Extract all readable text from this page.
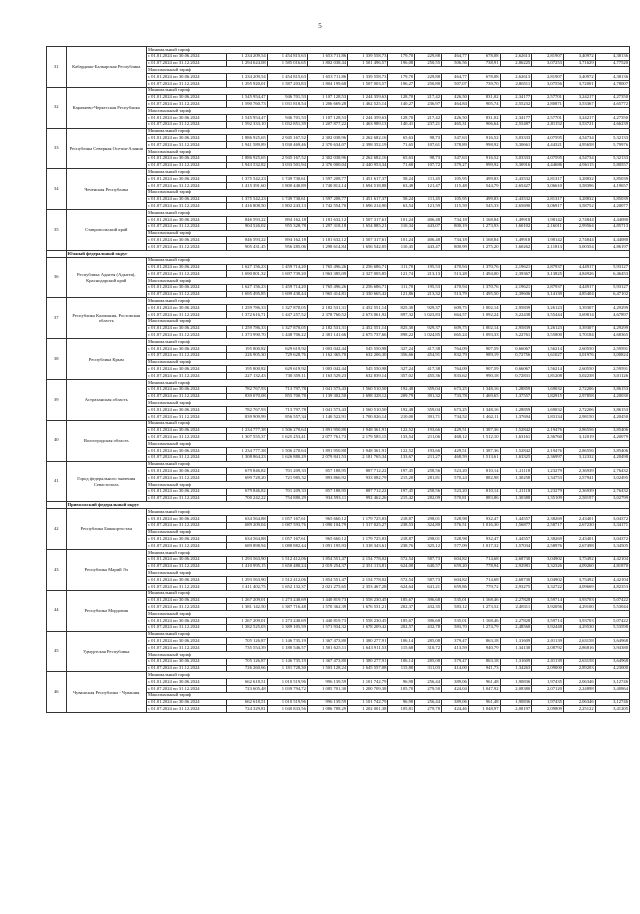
5
31	Кабардино-Балкарская Республика	Минимальный тариф												
		с 01.01.2024 по 30.06.2024	1 234 209,54	1 454 815,63	1 653 711,86	1 339 558,73	179,70	229,88	464,77	678,08	2,62613	2,81907	3,40972	4,38136
		с 01.07.2024 по 31.12.2024	1 294 624,08	1 585 016,65	1 802 038,44	1 501 496,57	196,08	250,55	506,56	738,91	2,86225	3,07253	3,71629	4,77520
		Максимальный тариф												
		с 01.01.2024 по 30.06.2024	1 234 209,54	1 454 815,63	1 653 711,86	1 339 558,73	179,70	229,88	464,77	678,08	2,62613	2,81907	3,40972	4,38136
		с 01.07.2024 по 31.12.2024	1 295 920,01	1 587 203,83	1 804 199,68	1 507 003,57	196,27	250,80	507,07	739,70	2,86511	3,07556	3,72001	4,78007
32	Карачаево-Черкесская Республика	Минимальный тариф												
		с 01.01.2024 по 30.06.2024	1 545 954,47	946 701,53	1 107 128,53	1 244 359,63	128,70	217,42	426,50	831,02	2,34177	2,57701	3,24217	4,27350
		с 01.07.2024 по 31.12.2024	1 590 760,73	1 031 818,54	1 206 669,28	1 462 525,14	140,27	236,97	464,84	905,74	2,55232	2,80871	3,53367	4,65772
		Максимальный тариф												
		с 01.01.2024 по 30.06.2024	1 545 954,47	946 701,53	1 107 128,53	1 244 359,63	128,70	217,42	426,50	831,02	2,34177	2,57701	3,24217	4,27350
		с 01.07.2024 по 31.12.2024	1 592 333,10	1 032 851,39	1 207 877,22	1 463 989,13	140,41	237,21	465,31	906,64	2,55487	2,81152	3,53721	4,66239
33	Республика Северная Осетия-Алания	Минимальный тариф												
		с 01.01.2024 по 30.06.2024	1 886 925,65	2 945 167,52	2 302 038,96	2 262 682,16	65,63	98,73	347,63	916,52	3,03333	4,07595	4,54734	5,32133
		с 01.07.2024 по 31.12.2024	1 941 589,89	3 030 469,46	2 370 634,07	2 398 352,19	71,65	107,61	378,89	998,92	3,30661	4,44321	4,95658	5,79976
		Максимальный тариф												
		с 01.01.2024 по 30.06.2024	1 886 925,65	2 945 167,52	2 302 038,96	2 262 682,16	65,63	98,73	347,63	916,52	3,03333	4,07595	4,54734	5,32133
		с 01.07.2024 по 31.12.2024	1 943 532,82	3 033 501,94	2 376 000,04	2 440 953,34	71,60	107,72	379,27	999,92	3,30916	4,44686	4,96115	5,80557
34	Чеченская Республика	Минимальный тариф												
		с 01.01.2024 по 30.06.2024	1 375 542,23	1 749 730,61	1 597 208,77	1 451 617,37	58,24	111,45	105,95	499,83	2,43532	2,81317	3,28832	3,85039
		с 01.07.2024 по 31.12.2024	1 415 391,60	1 800 440,89	1 740 812,14	1 694 518,88	63,48	121,47	115,48	544,79	2,65427	3,06610	3,58396	4,19657
		Максимальный тариф												
		с 01.01.2024 по 30.06.2024	1 375 542,23	1 749 730,61	1 597 208,77	1 451 617,37	58,24	111,45	105,95	499,83	2,43532	2,81317	3,28832	3,85039
		с 01.07.2024 по 31.12.2024	1 416 808,50	1 802 243,13	1 742 554,70	1 696 214,90	63,54	121,59	115,59	545,33	2,65690	3,06917	3,58752	4,20077
35	Ставропольский край	Минимальный тариф												
		с 01.01.2024 по 30.06.2024	846 593,22	894 162,18	1 181 632,12	1 507 317,61	101,24	406,48	734,18	1 168,84	1,49918	1,98142	2,74844	4,44080
		с 01.07.2024 по 31.12.2024	904 526,02	955 328,78	1 297 318,18	1 654 885,21	110,34	443,07	800,19	1 273,93	1,60102	2,16011	2,99564	4,85713
		Максимальный тариф												
		с 01.01.2024 по 30.06.2024	846 593,22	894 162,18	1 181 632,12	1 507 317,61	101,24	406,48	734,18	1 168,84	1,49918	1,98142	2,74844	4,44080
		с 01.07.2024 по 31.12.2024	905 431,45	956 285,06	1 298 614,84	1 656 542,05	110,45	443,47	800,99	1 275,20	1,60262	2,11813	3,00354	4,86197
	Южный федеральный округ													
36	Республика Адыгея (Адыгея), Краснодарский край	Минимальный тариф												
		с 01.01.2024 по 30.06.2024	1 627 156,23	1 459 714,20	1 765 496,26	2 256 686,71	111,70	195,53	470,94	1 370,76	2,19621	2,87937	4,44917	5,93127
		с 01.07.2024 по 31.12.2024	1 690 801,32	1 697 739,20	1 963 385,09	2 327 005,85	121,74	213,13	513,28	1 494,00	2,39367	3,13825	4,84926	6,46453
		Максимальный тариф												
		с 01.01.2024 по 30.06.2024	1 627 156,23	1 459 714,20	1 765 496,26	2 256 686,71	111,70	195,53	470,94	1 370,76	2,19621	2,87937	4,44917	5,93127
		с 01.07.2024 по 31.12.2024	1 695 495,85	1 699 438,44	1 965 414,81	2 330 665,42	121,86	213,32	513,79	1 495,50	2,39606	3,14139	4,85404	6,47102
37	Республика Калмыкия, Ростовская область	Минимальный тариф												
		с 01.01.2024 по 30.06.2024	1 259 786,33	1 327 870,05	2 182 531,31	2 452 551,14	825,30	929,37	609,75	1 002,14	2,95839	3,26123	3,39307	4,29299
		с 01.07.2024 по 31.12.2024	1 372 616,71	1 447 257,52	2 378 760,52	2 673 061,92	897,32	1 023,83	664,57	1 092,24	3,22438	3,55444	3,69814	4,67897
		Максимальный тариф												
		с 01.01.2024 по 30.06.2024	1 259 786,33	1 327 870,05	2 182 531,31	2 452 551,14	825,30	929,37	609,75	1 002,14	2,95839	3,26123	3,39307	4,29299
		с 01.07.2024 по 31.12.2024	1 373 990,70	1 448 706,22	2 381 141,66	2 675 737,66	898,22	1 024,85	665,24	1 093,33	3,22761	3,55800	3,70184	4,68365
38	Республика Крым	Минимальный тариф												
		с 01.01.2024 по 30.06.2024	195 800,82	629 619,92	1 003 042,44	545 550,98	327,24	417,38	764,09	907,59	0,66067	1,56214	2,60550	2,59591
		с 01.07.2024 по 31.12.2024	226 905,30	729 628,76	1 162 365,70	632 206,30	356,66	454,91	832,79	989,19	0,72756	1,61027	3,01976	3,00824
		Максимальный тариф												
		с 01.01.2024 по 30.06.2024	195 800,82	629 619,92	1 003 042,44	545 550,98	327,24	417,38	764,09	907,59	0,66067	1,56214	2,60550	2,59591
		с 01.07.2024 по 31.12.2024	227 132,43	730 359,11	1 163 529,23	632 839,14	357,02	455,36	833,62	990,18	0,72831	1,81208	3,02238	3,01126
39	Астраханская область	Минимальный тариф												
		с 01.01.2024 по 30.06.2024	782 767,93	713 797,78	1 041 573,43	1 560 510,50	192,48	359,04	673,25	1 348,16	1,28859	1,69032	2,72206	3,86153
		с 01.07.2024 по 31.12.2024	839 070,08	855 700,78	1 139 302,50	1 698 328,12	209,79	391,32	733,78	1 469,65	1,37557	1,82915	2,97858	4,20030
		Максимальный тариф												
		с 01.01.2024 по 30.06.2024	782 767,93	713 797,78	1 041 573,43	1 560 510,50	192,48	359,04	673,25	1 348,16	1,28859	1,69032	2,72206	3,86153
		с 01.07.2024 по 31.12.2024	839 909,99	856 557,34	1 140 522,91	1 700 026,14	210,00	391,71	734,52	1 462,11	1,37694	1,83134	2,98150	4,20450
40	Волгоградская область	Минимальный тариф												
		с 01.01.2024 по 30.06.2024	1 234 777,38	1 506 270,64	1 891 950,80	1 948 361,91	122,52	193,66	429,51	1 387,36	1,52842	2,19476	2,86556	3,85406
		с 01.07.2024 по 31.12.2024	1 307 555,37	1 625 253,41	2 077 761,73	2 179 585,15	133,54	211,06	468,12	1 512,10	1,63161	2,36760	3,12019	4,20079
		Максимальный тариф												
		с 01.01.2024 по 30.06.2024	1 234 777,38	1 506 270,64	1 891 950,80	1 948 361,91	122,52	193,66	429,51	1 387,36	1,52842	2,19476	2,86556	3,85406
		с 01.07.2024 по 31.12.2024	1 308 864,23	1 626 880,29	2 079 841,53	2 181 765,34	133,67	211,27	468,59	1 513,61	1,63325	2,36997	3,12332	4,20498
41	Город федерального значения Севастополь	Минимальный тариф												
		с 01.01.2024 по 30.06.2024	679 846,82	701 209,33	857 188,95	887 712,22	197,45	258,56	523,20	810,14	1,21118	1,23279	2,36939	2,76432
		с 01.07.2024 по 31.12.2024	699 728,20	721 985,32	893 866,92	933 082,79	215,20	281,81	570,24	882,98	1,30258	1,34753	2,57941	3,02495
		Максимальный тариф												
		с 01.01.2024 по 30.06.2024	679 846,82	701 209,33	857 188,95	887 712,22	197,45	258,56	523,20	810,14	1,21118	1,23279	2,36939	2,76432
		с 01.07.2024 по 31.12.2024	700 242,22	754 880,29	934 593,11	992 462,26	215,42	282,09	570,81	883,86	1,30388	1,35109	2,58197	3,02799
	Приволжский федеральный округ													
42	Республика Башкортостан	Минимальный тариф												
		с 01.01.2024 по 30.06.2024	634 564,88	1 057 167,61	965 660,12	1 179 725,83	218,87	298,01	528,98	932,47	1,44557	2,38269	2,43401	3,04372
		с 01.07.2024 по 31.12.2024	689 209,04	1 087 593,76	1 090 104,79	1 317 025,27	238,53	324,80	576,51	1 016,30	1,56877	2,58717	2,67230	3,34171
		Максимальный тариф												
		с 01.01.2024 по 30.06.2024	634 564,88	1 057 167,61	965 660,12	1 179 725,83	218,87	298,01	528,98	932,47	1,44557	2,38269	2,43401	3,04372
		с 01.07.2024 по 31.12.2024	689 898,94	1 088 882,44	1 091 195,93	1 318 343,61	238,76	325,12	577,09	1 017,32	1,57034	2,58976	2,67498	3,34505
43	Республика Марий Эл	Минимальный тариф												
		с 01.01.2024 по 30.06.2024	1 293 563,90	1 512 412,06	1 854 551,47	2 154 778,02	572,54	587,73	604,82	714,68	2,68730	3,04902	3,75492	4,42104
		с 01.07.2024 по 31.12.2024	1 410 995,15	1 650 480,24	2 019 254,37	2 351 113,81	624,00	640,57	659,20	778,94	2,92981	3,32326	4,09260	4,81870
		Максимальный тариф												
		с 01.01.2024 по 30.06.2024	1 293 563,90	1 512 412,06	1 854 551,47	2 154 778,02	572,54	587,73	604,82	714,68	2,68730	3,04902	3,75492	4,42104
		с 01.07.2024 по 31.12.2024	1 411 402,75	1 652 132,37	2 021 275,65	2 353 467,28	624,64	641,21	659,86	779,72	2,93275	3,32722	4,09669	4,82353
44	Республика Мордовия	Минимальный тариф												
		с 01.01.2024 по 30.06.2024	1 267 209,01	1 273 240,69	1 440 819,73	1 558 230,45	185,67	396,68	535,01	1 168,46	2,27828	3,59714	3,93703	5,07422
		с 01.07.2024 по 31.12.2024	1 381 142,50	1 387 716,48	1 570 362,39	1 676 531,21	202,37	432,35	583,12	1 273,52	2,48311	3,92056	4,29100	5,53044
		Максимальный тариф												
		с 01.01.2024 по 30.06.2024	1 267 209,01	1 273 240,69	1 440 819,73	1 558 230,45	185,67	396,68	535,01	1 168,46	2,27828	3,59714	3,93703	5,07422
		с 01.07.2024 по 31.12.2024	1 382 525,03	1 389 105,59	1 571 934,32	1 678 209,42	202,57	432,78	583,70	1 274,79	2,48560	3,92448	4,29530	5,53598
45	Удмуртская Республика	Минимальный тариф												
		с 01.01.2024 по 30.06.2024	705 126,87	1 146 735,19	1 367 473,80	1 380 277,91	106,14	285,08	379,47	863,18	1,31609	2,01139	2,63158	3,64968
		с 01.07.2024 по 31.12.2024	735 554,39	1 180 546,57	1 501 625,11	1 643 911,53	115,68	310,72	413,59	940,79	1,34130	2,08792	2,86816	3,94380
		Максимальный тариф												
		с 01.01.2024 по 30.06.2024	705 126,87	1 146 735,19	1 367 473,80	1 380 277,91	106,14	285,08	379,47	863,18	1,31609	2,01139	2,63158	3,64968
		с 01.07.2024 по 31.12.2024	726 260,66	1 181 728,30	1 503 128,24	1 645 557,08	115,80	311,03	414,00	941,73	1,34263	2,09000	2,89203	4,23000
46	Чувашская Республика - Чувашия	Минимальный тариф												
		с 01.01.2024 по 30.06.2024	662 618,51	1 010 519,96	996 139,59	1 101 742,79	96,98	256,44	389,06	961,48	1,90836	1,97435	2,06346	3,12746
		с 01.07.2024 по 31.12.2024	723 605,48	1 039 794,72	1 085 701,30	1 200 709,38	105,70	279,50	424,04	1 047,92	2,08380	2,07120	2,24898	3,40864
		Максимальный тариф												
		с 01.01.2024 по 30.06.2024	662 618,51	1 010 519,96	996 139,59	1 101 742,79	96,98	256,44	389,06	961,48	1,90836	1,97435	2,06346	3,12746
		с 01.07.2024 по 31.12.2024	724 329,81	1 040 833,56	1 086 788,29	1 202 001,38	105,81	279,78	424,46	1 048,97	2,08197	2,09809	2,25122	3,41205
